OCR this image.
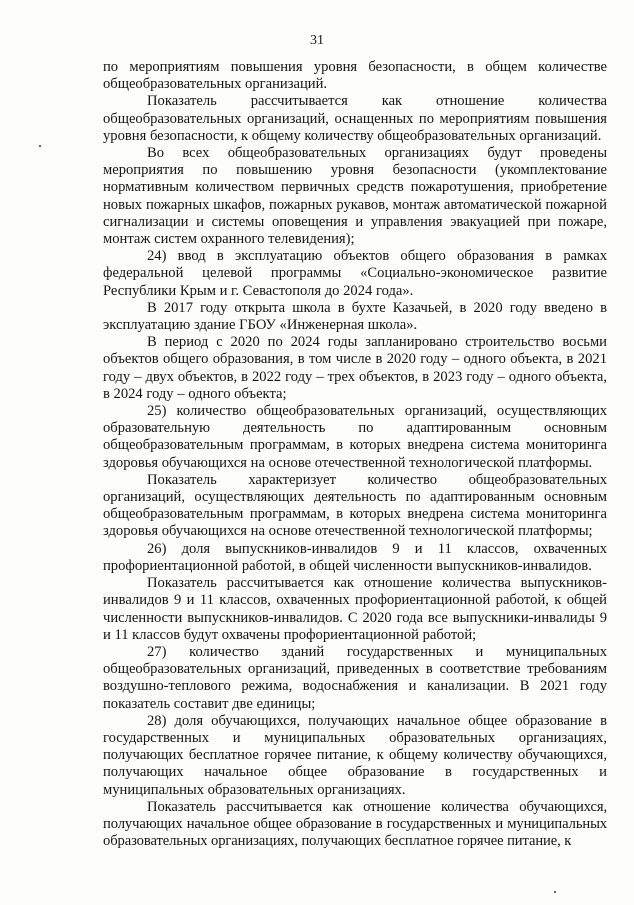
31

по мероприятиям повышения уровня безопасности, в общем количестве общеобразовательных организаций.

Показатель рассчитывается как отношение количества общеобразовательных организаций, оснащенных по мероприятиям повышения уровня безопасности, к общему количеству общеобразовательных организаций.

Во всех общеобразовательных организациях будут проведены мероприятия по повышению уровня безопасности (укомплектование нормативным количеством первичных средств пожаротушения, приобретение новых пожарных шкафов, пожарных рукавов, монтаж автоматической пожарной сигнализации и системы оповещения и управления эвакуацией при пожаре, монтаж систем охранного телевидения);

24) ввод в эксплуатацию объектов общего образования в рамках федеральной целевой программы «Социально-экономическое развитие Республики Крым и г. Севастополя до 2024 года».

В 2017 году открыта школа в бухте Казачьей, в 2020 году введено в эксплуатацию здание ГБОУ «Инженерная школа».

В период с 2020 по 2024 годы запланировано строительство восьми объектов общего образования, в том числе в 2020 году – одного объекта, в 2021 году – двух объектов, в 2022 году – трех объектов, в 2023 году – одного объекта, в 2024 году – одного объекта;

25) количество общеобразовательных организаций, осуществляющих образовательную деятельность по адаптированным основным общеобразовательным программам, в которых внедрена система мониторинга здоровья обучающихся на основе отечественной технологической платформы.

Показатель характеризует количество общеобразовательных организаций, осуществляющих деятельность по адаптированным основным общеобразовательным программам, в которых внедрена система мониторинга здоровья обучающихся на основе отечественной технологической платформы;

26) доля выпускников-инвалидов 9 и 11 классов, охваченных профориентационной работой, в общей численности выпускников-инвалидов.

Показатель рассчитывается как отношение количества выпускников-инвалидов 9 и 11 классов, охваченных профориентационной работой, к общей численности выпускников-инвалидов. С 2020 года все выпускники-инвалиды 9 и 11 классов будут охвачены профориентационной работой;

27) количество зданий государственных и муниципальных общеобразовательных организаций, приведенных в соответствие требованиям воздушно-теплового режима, водоснабжения и канализации. В 2021 году показатель составит две единицы;

28) доля обучающихся, получающих начальное общее образование в государственных и муниципальных образовательных организациях, получающих бесплатное горячее питание, к общему количеству обучающихся, получающих начальное общее образование в государственных и муниципальных образовательных организациях.

Показатель рассчитывается как отношение количества обучающихся, получающих начальное общее образование в государственных и муниципальных образовательных организациях, получающих бесплатное горячее питание, к
